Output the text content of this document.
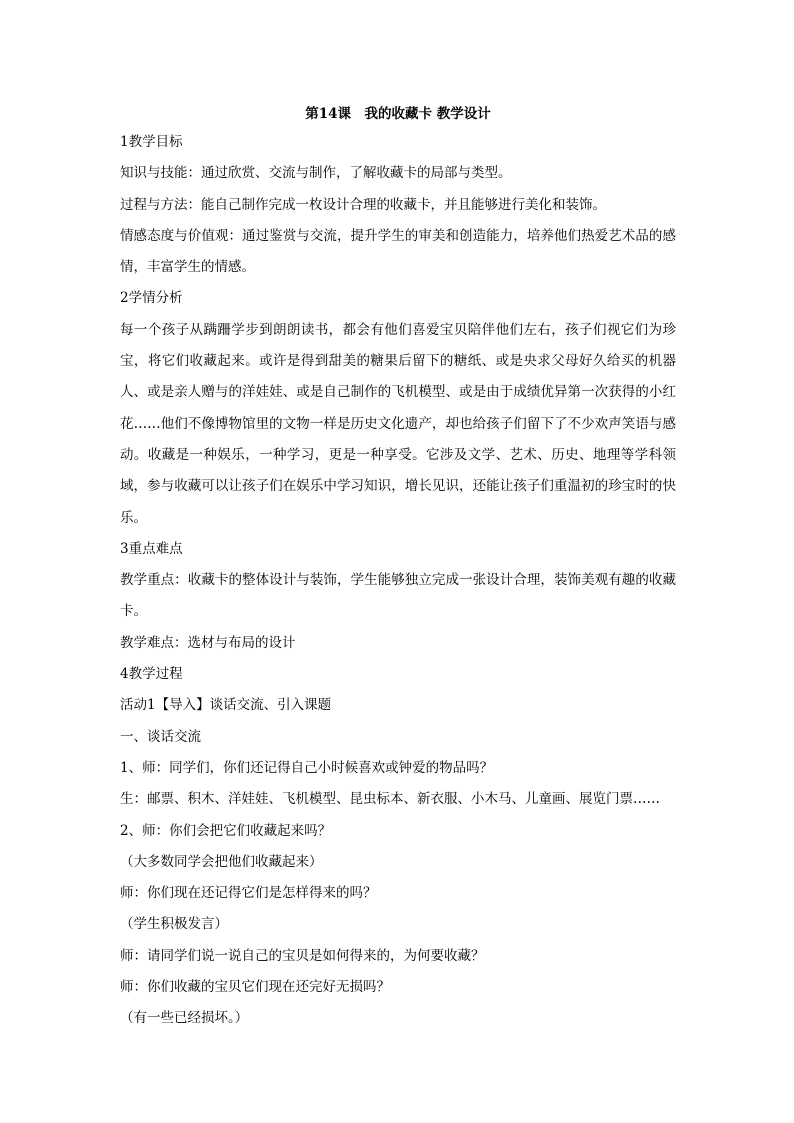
第14课　我的收藏卡 教学设计

1教学目标

知识与技能：通过欣赏、交流与制作，了解收藏卡的局部与类型。

过程与方法：能自己制作完成一枚设计合理的收藏卡，并且能够进行美化和装饰。

情感态度与价值观：通过鉴赏与交流，提升学生的审美和创造能力，培养他们热爱艺术品的感情，丰富学生的情感。

2学情分析

每一个孩子从蹒跚学步到朗朗读书，都会有他们喜爱宝贝陪伴他们左右，孩子们视它们为珍宝，将它们收藏起来。或许是得到甜美的糖果后留下的糖纸、或是央求父母好久给买的机器人、或是亲人赠与的洋娃娃、或是自己制作的飞机模型、或是由于成绩优异第一次获得的小红花……他们不像博物馆里的文物一样是历史文化遗产，却也给孩子们留下了不少欢声笑语与感动。收藏是一种娱乐，一种学习，更是一种享受。它涉及文学、艺术、历史、地理等学科领域，参与收藏可以让孩子们在娱乐中学习知识，增长见识，还能让孩子们重温初的珍宝时的快乐。

3重点难点

教学重点：收藏卡的整体设计与装饰，学生能够独立完成一张设计合理，装饰美观有趣的收藏卡。

教学难点：选材与布局的设计

4教学过程

活动1【导入】谈话交流、引入课题

一、谈话交流

1、师：同学们，你们还记得自己小时候喜欢或钟爱的物品吗？

生：邮票、积木、洋娃娃、飞机模型、昆虫标本、新衣服、小木马、儿童画、展览门票……

2、师：你们会把它们收藏起来吗？

（大多数同学会把他们收藏起来）

师：你们现在还记得它们是怎样得来的吗？

（学生积极发言）

师：请同学们说一说自己的宝贝是如何得来的，为何要收藏？

师：你们收藏的宝贝它们现在还完好无损吗？

（有一些已经损坏。）
